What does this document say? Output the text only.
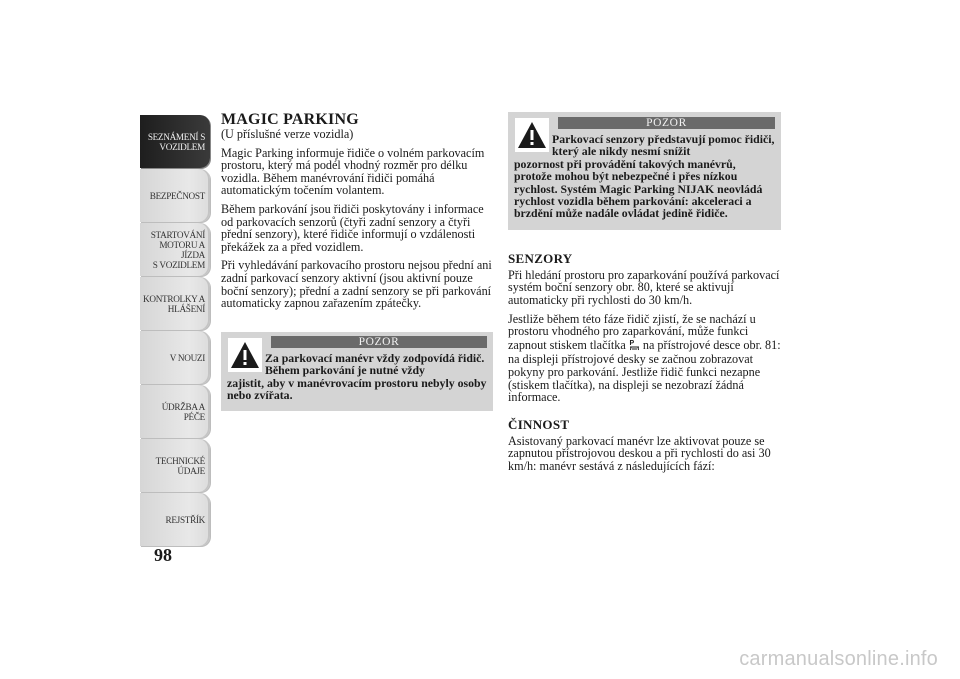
SEZNÁMENÍ S
VOZIDLEM
BEZPEČNOST
STARTOVÁNÍ
MOTORU A JÍZDA
S VOZIDLEM
KONTROLKY A
HLÁŠENÍ
V NOUZI
ÚDRŽBA A PÉČE
TECHNICKÉ
ÚDAJE
REJSTŘÍK
98
MAGIC PARKING
(U příslušné verze vozidla)

Magic Parking informuje řidiče o volném parkovacím prostoru, který má podél vhodný rozměr pro délku vozidla. Během manévrování řidiči pomáhá automatickým točením volantem.

Během parkování jsou řidiči poskytovány i informace od parkovacích senzorů (čtyři zadní senzory a čtyři přední senzory), které řidiče informují o vzdálenosti překážek za a před vozidlem.

Při vyhledávání parkovacího prostoru nejsou přední ani zadní parkovací senzory aktivní (jsou aktivní pouze boční senzory); přední a zadní senzory se při parkování automaticky zapnou zařazením zpátečky.

POZOR
Za parkovací manévr vždy zodpovídá řidič. Během parkování je nutné vždy
zajistit, aby v manévrovacím prostoru nebyly osoby nebo zvířata.
POZOR
Parkovací senzory představují pomoc řidiči, který ale nikdy nesmí snížit
pozornost při provádění takových manévrů, protože mohou být nebezpečné i přes nízkou rychlost. Systém Magic Parking NIJAK neovládá rychlost vozidla během parkování: akceleraci a brzdění může nadále ovládat jedině řidiče.
SENZORY

Při hledání prostoru pro zaparkování používá parkovací systém boční senzory obr. 80, které se aktivují automaticky při rychlosti do 30 km/h.

Jestliže během této fáze řidič zjistí, že se nachází u prostoru vhodného pro zaparkování, může funkci zapnout stiskem tlačítka P na přístrojové desce obr. 81: na displeji přístrojové desky se začnou zobrazovat pokyny pro parkování. Jestliže řidič funkci nezapne (stiskem tlačítka), na displeji se nezobrazí žádná informace.

ČINNOST

Asistovaný parkovací manévr lze aktivovat pouze se zapnutou přístrojovou deskou a při rychlosti do asi 30 km/h: manévr sestává z následujících fází:

carmanualsonline.info
